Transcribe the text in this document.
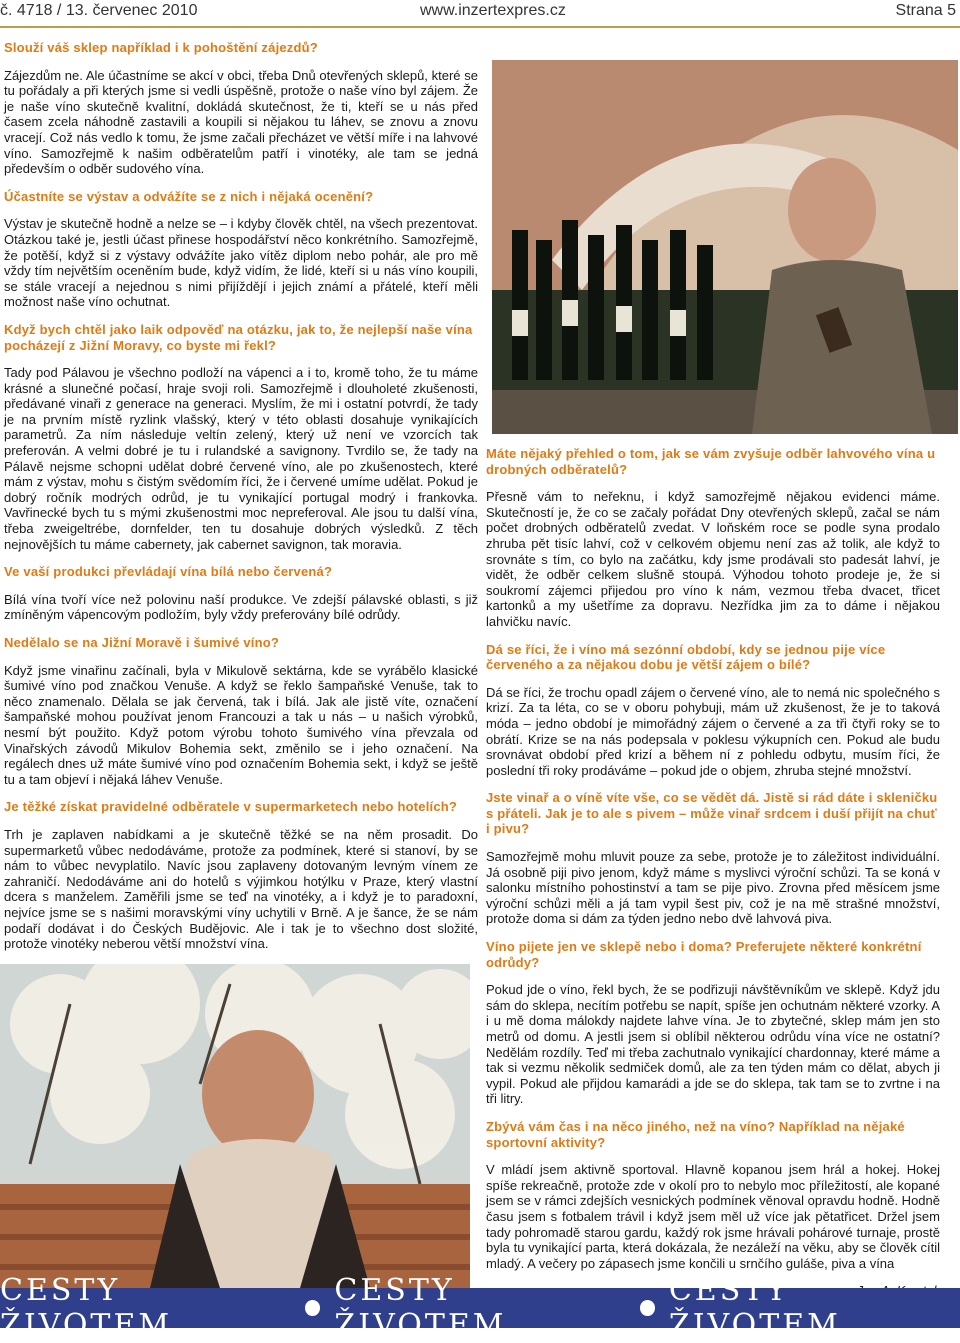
č. 4718 / 13. červenec 2010	www.inzertexpres.cz	Strana 5

Slouží váš sklep například i k pohoštění zájezdů?

Zájezdům ne. Ale účastníme se akcí v obci, třeba Dnů otevřených sklepů, které se tu pořádaly a při kterých jsme si vedli úspěšně, protože o naše víno byl zájem. Že je naše víno skutečně kvalitní, dokládá skutečnost, že ti, kteří se u nás před časem zcela náhodně zastavili a koupili si nějakou tu láhev, se znovu a znovu vracejí. Což nás vedlo k tomu, že jsme začali přecházet ve větší míře i na lahvové víno. Samozřejmě k našim odběratelům patří i vinotéky, ale tam se jedná především o odběr sudového vína.

Účastníte se výstav a odvážíte se z nich i nějaká ocenění?

Výstav je skutečně hodně a nelze se – i kdyby člověk chtěl, na všech prezentovat. Otázkou také je, jestli účast přinese hospodářství něco konkrétního. Samozřejmě, že potěší, když si z výstavy odvážíte jako vítěz diplom nebo pohár, ale pro mě vždy tím největším oceněním bude, když vidím, že lidé, kteří si u nás víno koupili, se stále vracejí a nejednou s nimi přijíždějí i jejich známí a přátelé, kteří měli možnost naše víno ochutnat.

Když bych chtěl jako laik odpověď na otázku, jak to, že nejlepší naše vína pocházejí z Jižní Moravy, co byste mi řekl?

Tady pod Pálavou je všechno podloží na vápenci a i to, kromě toho, že tu máme krásné a slunečné počasí, hraje svoji roli. Samozřejmě i dlouholeté zkušenosti, předávané vinaři z generace na generaci. Myslím, že mi i ostatní potvrdí, že tady je na prvním místě ryzlink vlašský, který v této oblasti dosahuje vynikajících parametrů. Za ním následuje veltín zelený, který už není ve vzorcích tak preferován. A velmi dobré je tu i rulandské a savignony. Tvrdilo se, že tady na Pálavě nejsme schopni udělat dobré červené víno, ale po zkušenostech, které mám z výstav, mohu s čistým svědomím říci, že i červené umíme udělat. Pokud je dobrý ročník modrých odrůd, je tu vynikající portugal modrý i frankovka. Vavřinecké bych tu s mými zkušenostmi moc nepreferoval. Ale jsou tu další vína, třeba zweigeltrébe, dornfelder, ten tu dosahuje dobrých výsledků. Z těch nejnovějších tu máme cabernety, jak cabernet savignon, tak moravia.

Ve vaší produkci převládají vína bílá nebo červená?

Bílá vína tvoří více než polovinu naší produkce. Ve zdejší pálavské oblasti, s již zmíněným vápencovým podložím, byly vždy preferovány bílé odrůdy.

Nedělalo se na Jižní Moravě i šumivé víno?

Když jsme vinařinu začínali, byla v Mikulově sektárna, kde se vyrábělo klasické šumivé víno pod značkou Venuše. A když se řeklo šampaňské Venuše, tak to něco znamenalo. Dělala se jak červená, tak i bílá. Jak ale jistě víte, označení šampaňské mohou používat jenom Francouzi a tak u nás – u našich výrobků, nesmí být použito. Když potom výrobu tohoto šumivého vína převzala od Vinařských závodů Mikulov Bohemia sekt, změnilo se i jeho označení. Na regálech dnes už máte šumivé víno pod označením Bohemia sekt, i když se ještě tu a tam objeví i nějaká láhev Venuše.

Je těžké získat pravidelné odběratele v supermarketech nebo hotelích?

Trh je zaplaven nabídkami a je skutečně těžké se na něm prosadit. Do supermarketů vůbec nedodáváme, protože za podmínek, které si stanoví, by se nám to vůbec nevyplatilo. Navíc jsou zaplaveny dotovaným levným vínem ze zahraničí. Nedodáváme ani do hotelů s výjimkou hotýlku v Praze, který vlastní dcera s manželem. Zaměřili jsme se teď na vinotéky, a i když je to paradoxní, nejvíce jsme se s našimi moravskými víny uchytili v Brně. A je šance, že se nám podaří dodávat i do Českých Budějovic. Ale i tak je to všechno dost složité, protože vinotéky neberou větší množství vína.

Máte nějaký přehled o tom, jak se vám zvyšuje odběr lahvového vína u drobných odběratelů?

Přesně vám to neřeknu, i když samozřejmě nějakou evidenci máme. Skutečností je, že co se začaly pořádat Dny otevřených sklepů, začal se nám počet drobných odběratelů zvedat. V loňském roce se podle syna prodalo zhruba pět tisíc lahví, což v celkovém objemu není zas až tolik, ale když to srovnáte s tím, co bylo na začátku, kdy jsme prodávali sto padesát lahví, je vidět, že odběr celkem slušně stoupá. Výhodou tohoto prodeje je, že si soukromí zájemci přijedou pro víno k nám, vezmou třeba dvacet, třicet kartonků a my ušetříme za dopravu. Nezřídka jim za to dáme i nějakou lahvičku navíc.

Dá se říci, že i víno má sezónní období, kdy se jednou pije více červeného a za nějakou dobu je větší zájem o bílé?

Dá se říci, že trochu opadl zájem o červené víno, ale to nemá nic společného s krizí. Za ta léta, co se v oboru pohybuji, mám už zkušenost, že je to taková móda – jedno období je mimořádný zájem o červené a za tři čtyři roky se to obrátí. Krize se na nás podepsala v poklesu výkupních cen. Pokud ale budu srovnávat období před krizí a během ní z pohledu odbytu, musím říci, že poslední tři roky prodáváme – pokud jde o objem, zhruba stejné množství.

Jste vinař a o víně víte vše, co se vědět dá. Jistě si rád dáte i skleničku s přáteli. Jak je to ale s pivem – může vinař srdcem i duší přijít na chuť i pivu?

Samozřejmě mohu mluvit pouze za sebe, protože je to záležitost individuální. Já osobně piji pivo jenom, když máme s myslivci výroční schůzi. Ta se koná v salonku místního pohostinství a tam se pije pivo. Zrovna před měsícem jsme výroční schůzi měli a já tam vypil šest piv, což je na mě strašné množství, protože doma si dám za týden jedno nebo dvě lahvová piva.

Víno pijete jen ve sklepě nebo i doma? Preferujete některé konkrétní odrůdy?

Pokud jde o víno, řekl bych, že se podřizuji návštěvníkům ve sklepě. Když jdu sám do sklepa, necítím potřebu se napít, spíše jen ochutnám některé vzorky. A i u mě doma málokdy najdete lahve vína. Je to zbytečné, sklep mám jen sto metrů od domu. A jestli jsem si oblíbil některou odrůdu vína více ne ostatní? Nedělám rozdíly. Teď mi třeba zachutnalo vynikající chardonnay, které máme a tak si vezmu několik sedmiček domů, ale za ten týden mám co dělat, abych ji vypil. Pokud ale přijdou kamarádi a jde se do sklepa, tak tam se to zvrtne i na tři litry.

Zbývá vám čas i na něco jiného, než na víno? Například na nějaké sportovní aktivity?

V mládí jsem aktivně sportoval. Hlavně kopanou jsem hrál a hokej. Hokej spíše rekreačně, protože zde v okolí pro to nebylo moc příležitostí, ale kopané jsem se v rámci zdejších vesnických podmínek věnoval opravdu hodně. Hodně času jsem s fotbalem trávil i když jsem měl už více jak pětatřicet. Držel jsem tady pohromadě starou gardu, každý rok jsme hrávali pohárové turnaje, prostě byla tu vynikající parta, která dokázala, že nezáleží na věku, aby se člověk cítil mladý. A večery po zápasech jsme končili u srnčího guláše, piva a vína

CESTY ŽIVOTEM
CESTY ŽIVOTEM
CESTY ŽIVOTEM
